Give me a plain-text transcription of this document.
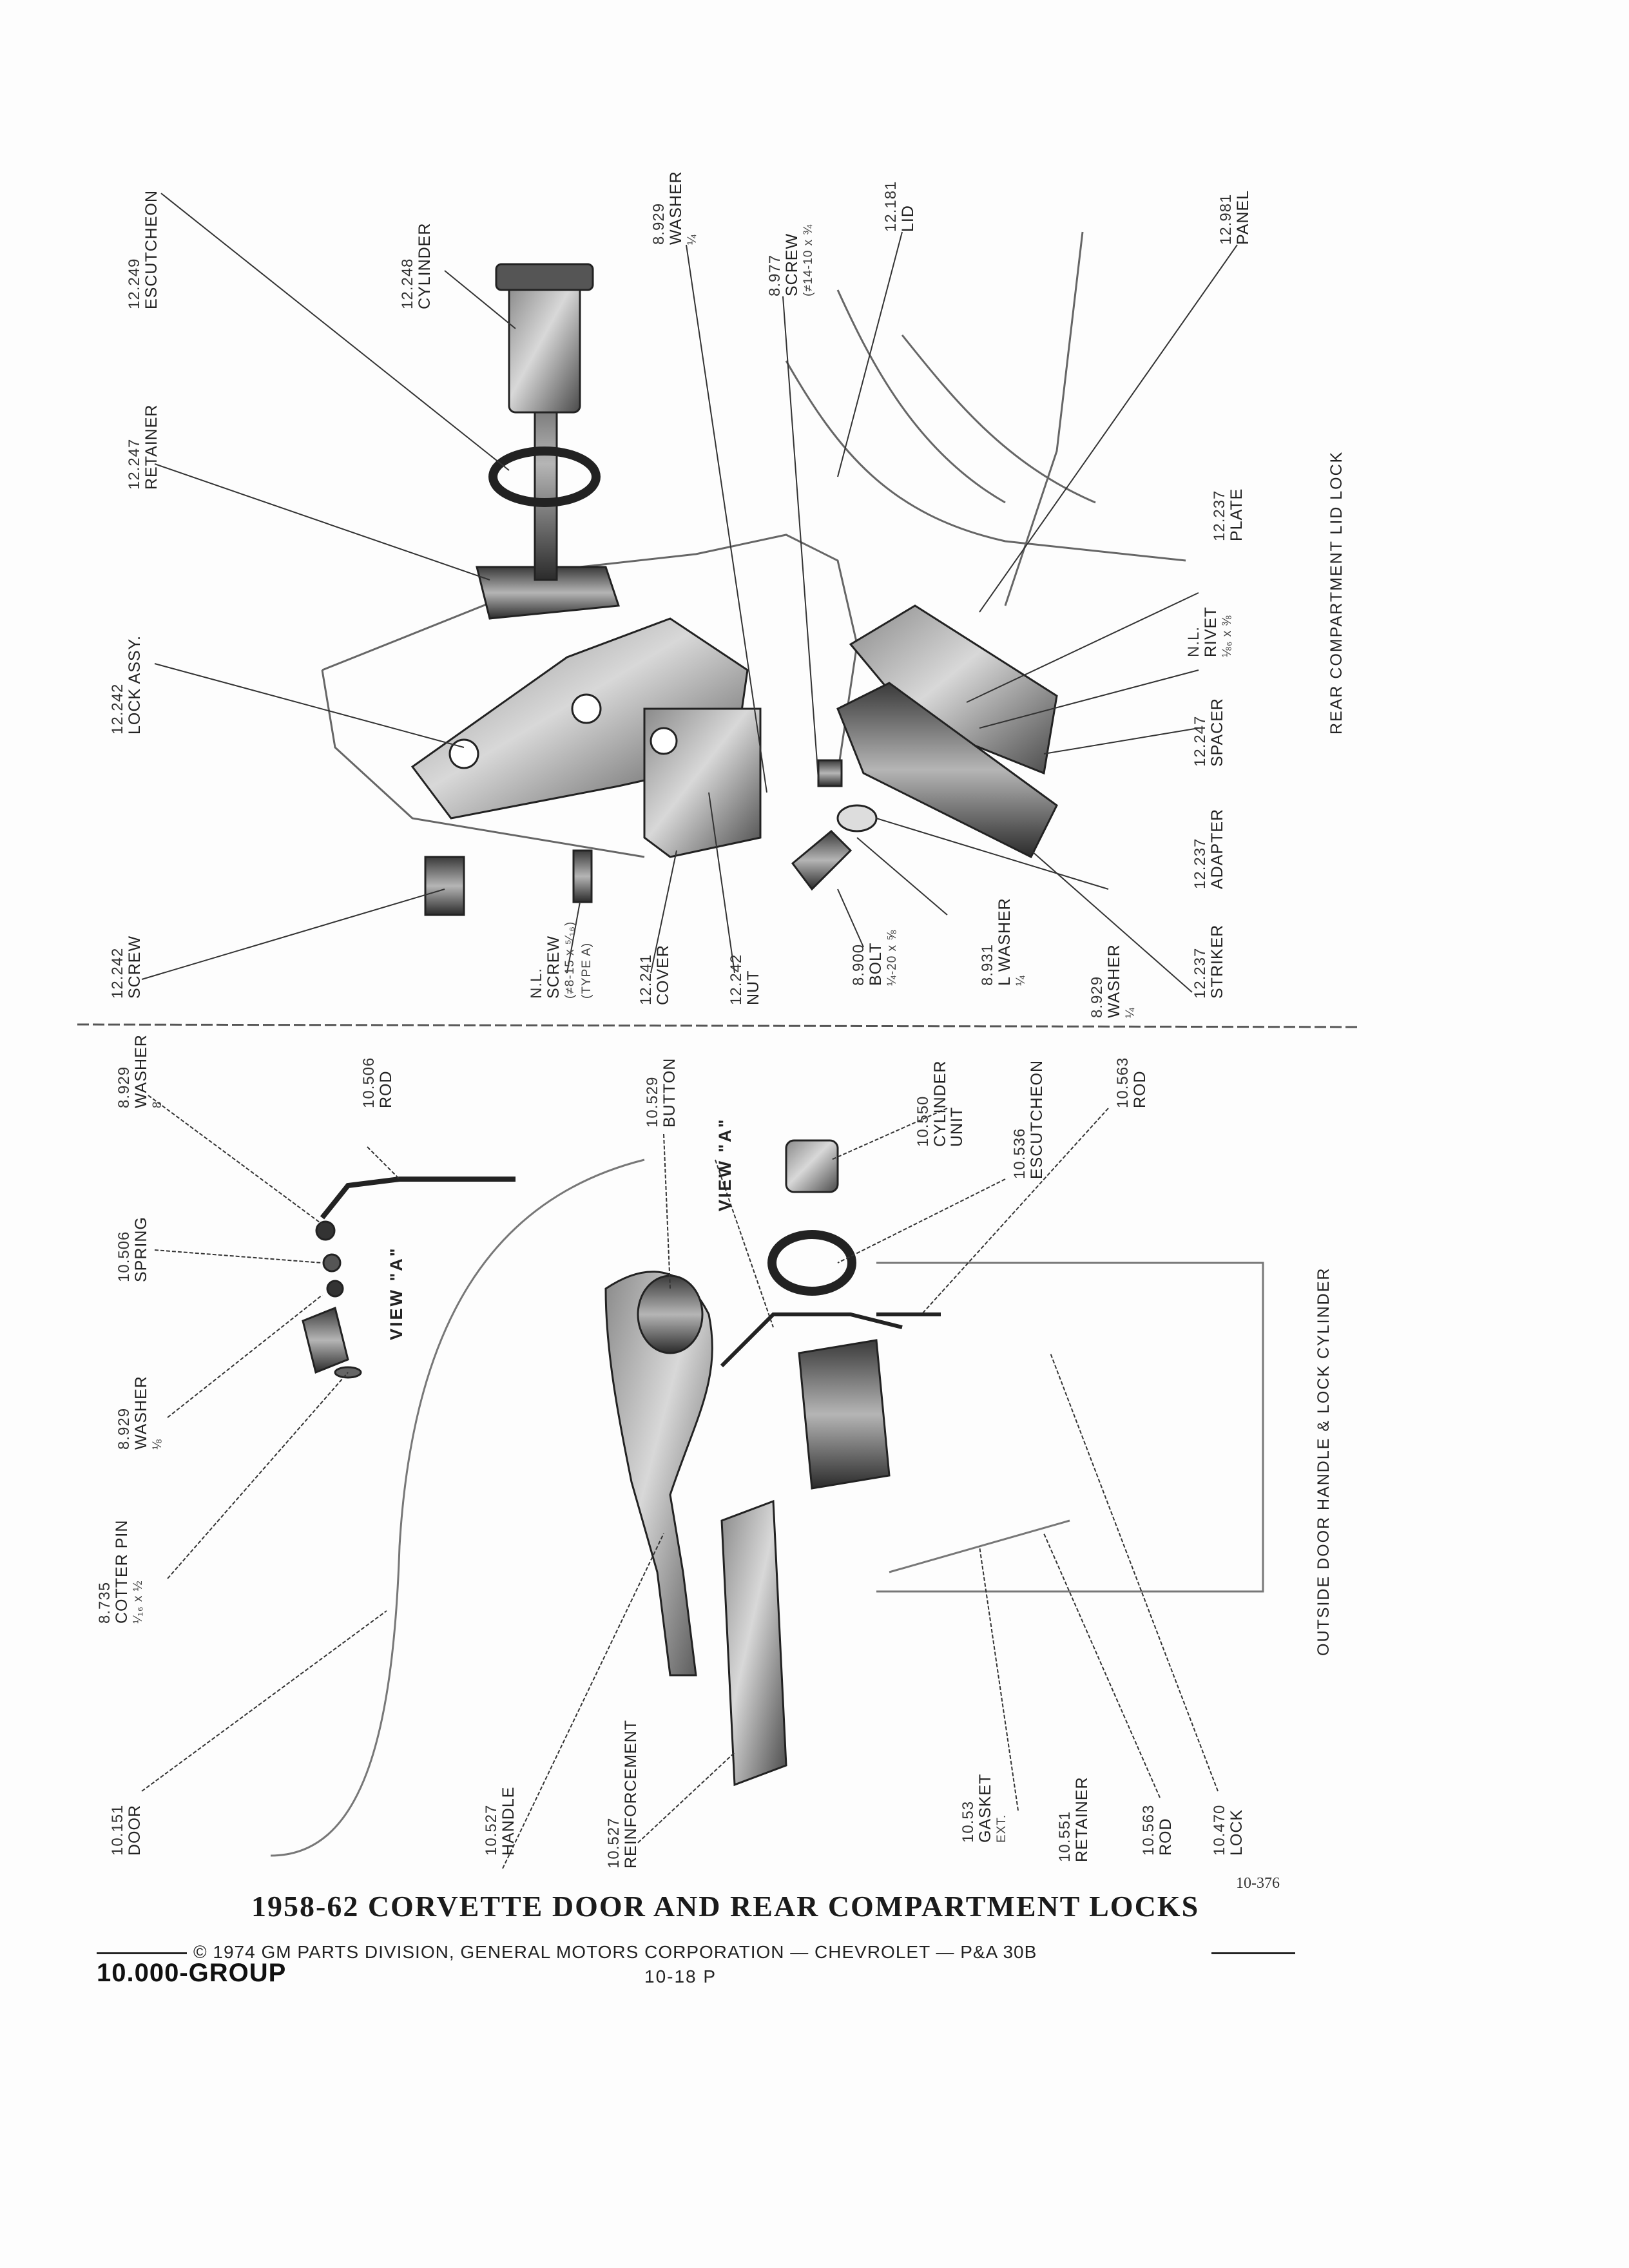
12.249 ESCUTCHEON	12.248 CYLINDER	8.929 WASHER ¼
8.977 SCREW (≠14-10 x ¾
12.181 LID	12.981 PANEL
12.247 RETAINER
12.242 LOCK ASSY.
12.237 PLATE
N.L. RIVET ⅛₆ x ⅜
12.247 SPACER
12.237 ADAPTER
12.237 STRIKER
12.242 SCREW	N.L. SCREW (≠8-15 x ⁵⁄₁₆) (TYPE A)	12.241 COVER	12.242 NUT
8.900 BOLT ¼-20 x ⅝	8.931 L WASHER ¼	8.929 WASHER ¼
8.929 WASHER 8	10.506 ROD	10.529 BUTTON	10.550 CYLINDER
UNIT
10.536 ESCUTCHEON	10.563 ROD
10.506 SPRING
8.929 WASHER ⅛
8.735 COTTER PIN ¹⁄₁₆ x ½
10.151 DOOR	10.527 HANDLE	10.527 REINFORCEMENT	10.53 GASKET EXT.	10.551 RETAINER	10.563 ROD 10.470 LOCK
REAR COMPARTMENT LID LOCK
OUTSIDE DOOR HANDLE & LOCK CYLINDER
VIEW "A"
VIEW "A"
1958-62 CORVETTE DOOR AND REAR COMPARTMENT LOCKS
10-376
© 1974 GM PARTS DIVISION, GENERAL MOTORS CORPORATION — CHEVROLET — P&A 30B
10.000-GROUP	10-18 P
